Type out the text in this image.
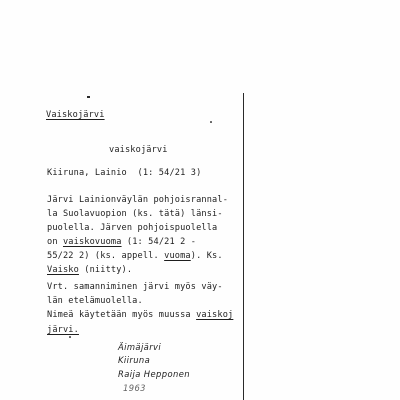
Vaiskojärvi
vaiskojärvi
Kiiruna, Lainio  (1: 54/21 3)
Järvi Lainionväylän pohjoisrannal-
la Suolavuopion (ks. tätä) länsi-
puolella. Järven pohjoispuolella
on vaiskovuoma (1: 54/21 2 -
55/22 2) (ks. appell. vuoma). Ks.
Vaisko (niitty).
Vrt. samanniminen järvi myös väy-
län etelämuolella.
Nimeä käytetään myös muussa vaiskoj
järvi.
Äimäjärvi
Kiiruna
Raija Hepponen
1963
